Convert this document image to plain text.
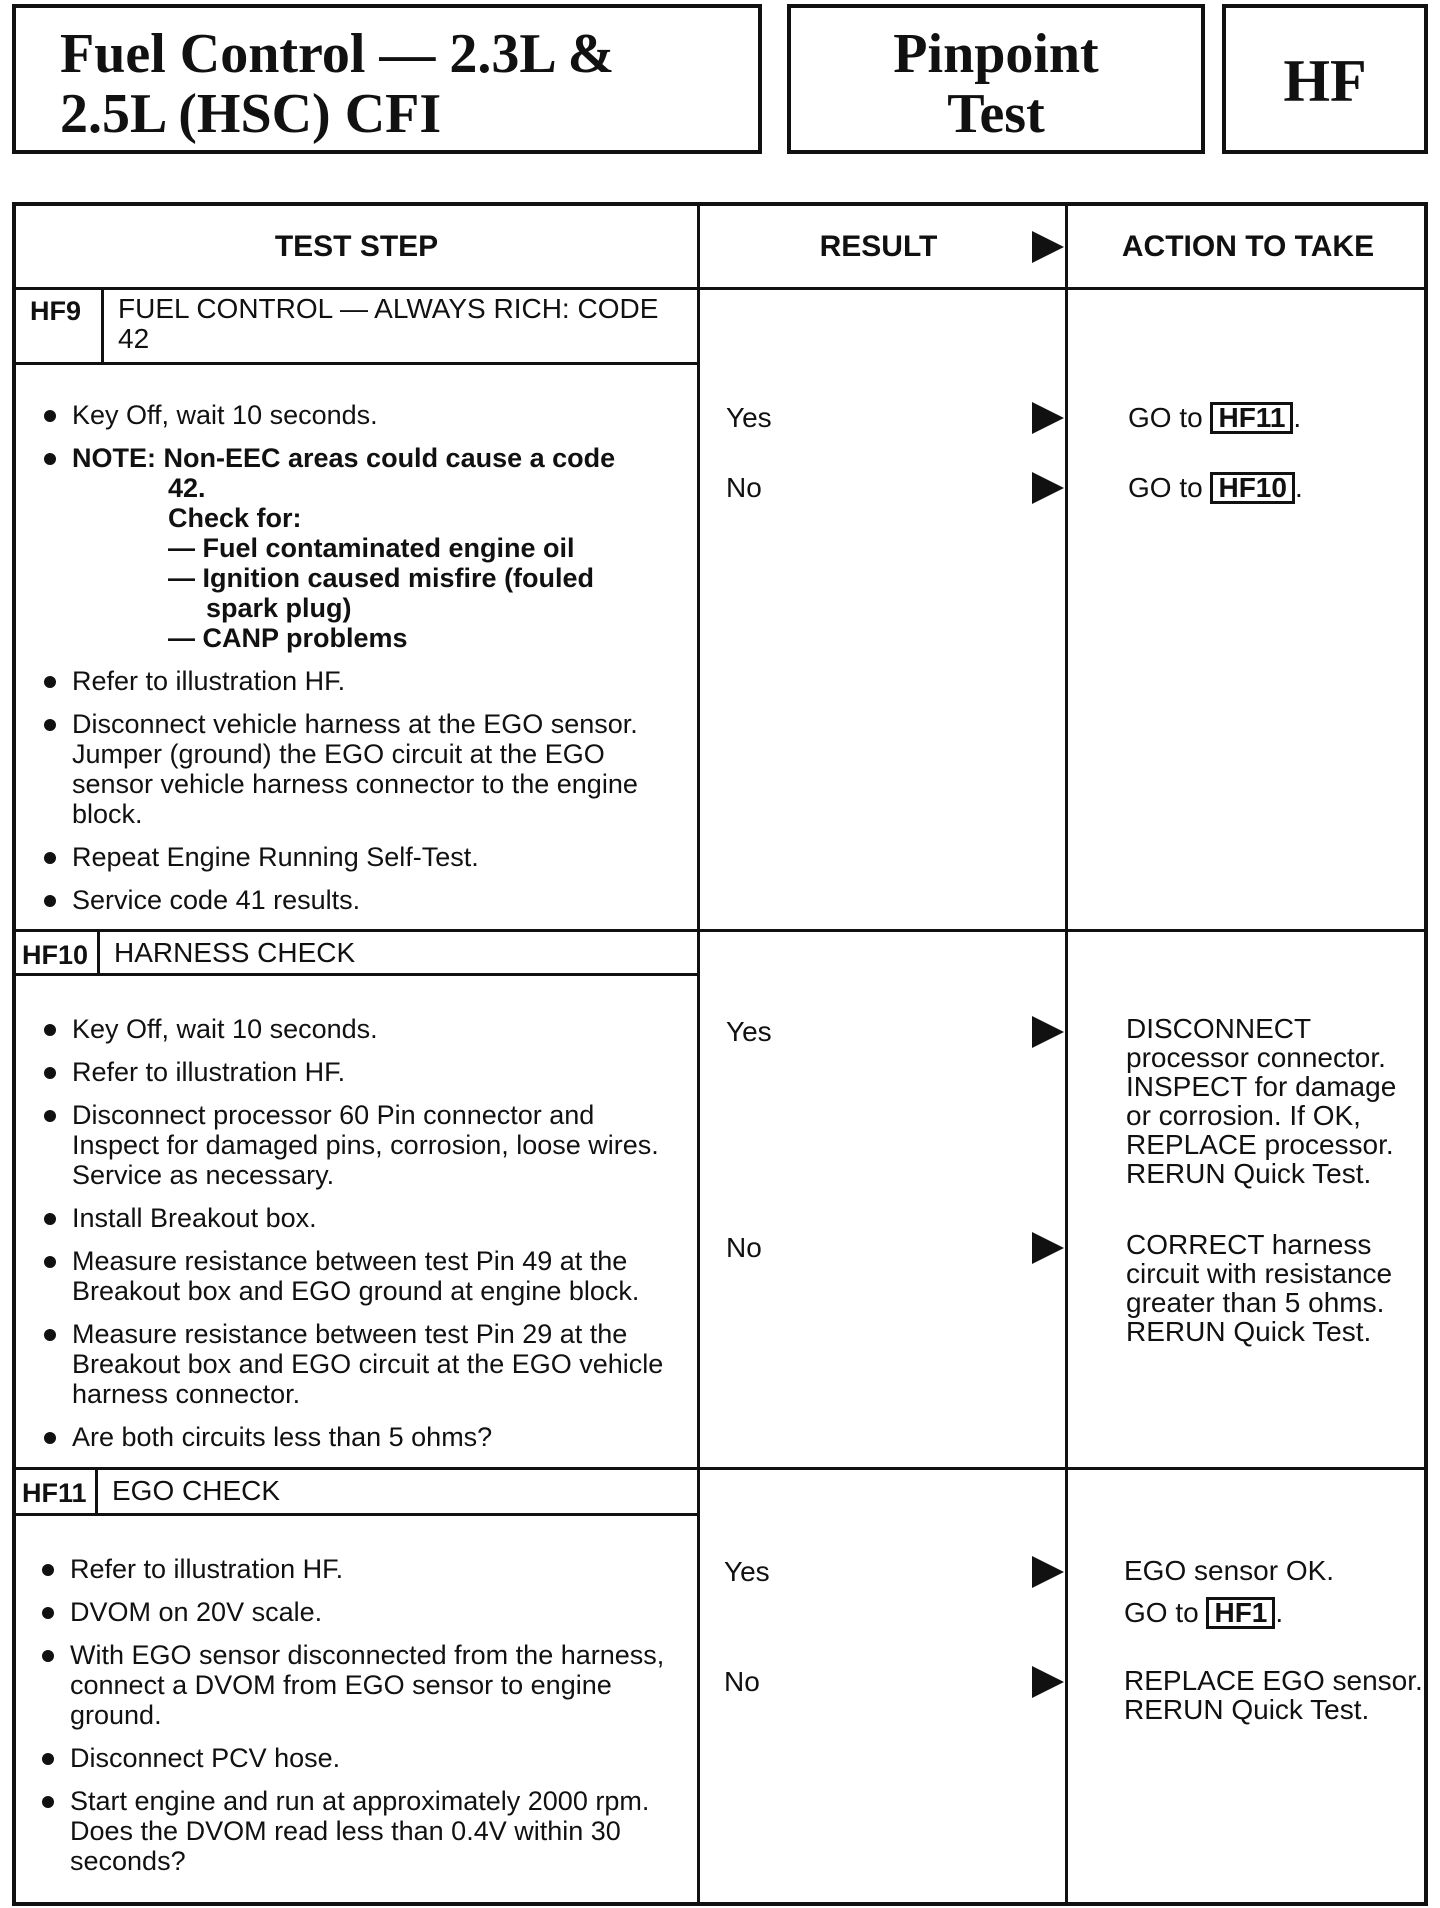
Fuel Control — 2.3L &
2.5L (HSC) CFI
Pinpoint
Test	HF
TEST STEP	RESULT	ACTION TO TAKE
HF9 FUEL CONTROL — ALWAYS RICH: CODE
42
Key Off, wait 10 seconds.
NOTE: Non-EEC areas could cause a code
42.
Check for:
— Fuel contaminated engine oil
— Ignition caused misfire (fouled
spark plug)
— CANP problems
Refer to illustration HF.
Disconnect vehicle harness at the EGO sensor. Jumper (ground) the EGO circuit at the EGO sensor vehicle harness connector to the engine block.
Repeat Engine Running Self-Test.
Service code 41 results.
Yes	GO to HF11 .
No	GO to HF10 .
HF10 HARNESS CHECK
Key Off, wait 10 seconds.
Refer to illustration HF.
Disconnect processor 60 Pin connector and Inspect for damaged pins, corrosion, loose wires. Service as necessary.
Install Breakout box.
Measure resistance between test Pin 49 at the Breakout box and EGO ground at engine block.
Measure resistance between test Pin 29 at the Breakout box and EGO circuit at the EGO vehicle harness connector.
Are both circuits less than 5 ohms?
Yes	DISCONNECT processor connector. INSPECT for damage or corrosion. If OK, REPLACE processor. RERUN Quick Test.
No	CORRECT harness circuit with resistance greater than 5 ohms. RERUN Quick Test.
HF11 EGO CHECK
Refer to illustration HF.
DVOM on 20V scale.
With EGO sensor disconnected from the harness, connect a DVOM from EGO sensor to engine ground.
Disconnect PCV hose.
Start engine and run at approximately 2000 rpm. Does the DVOM read less than 0.4V within 30 seconds?
Yes	EGO sensor OK.
GO to HF1 .
No	REPLACE EGO sensor. RERUN Quick Test.
